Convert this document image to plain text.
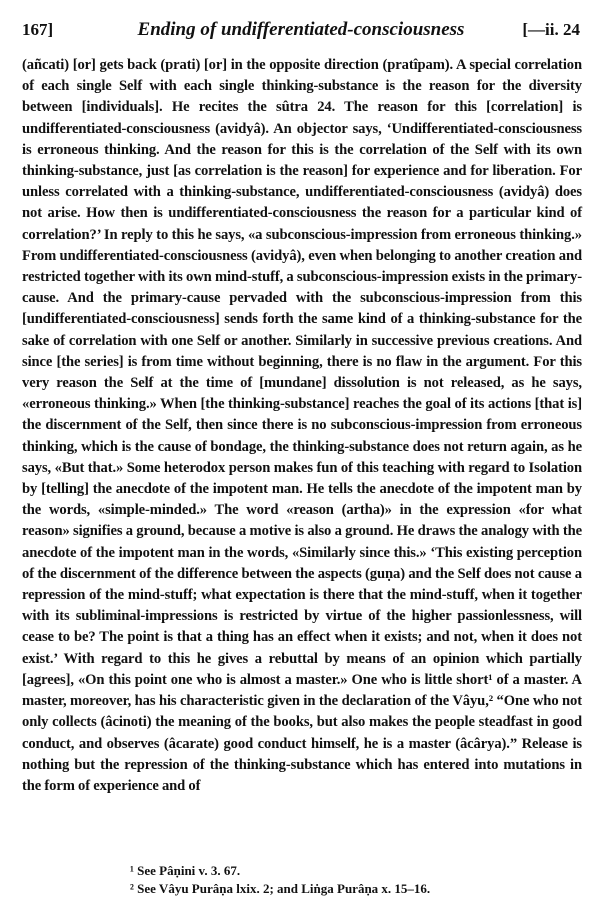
167]	Ending of undifferentiated-consciousness	[—ii. 24

(añcati) [or] gets back (prati) [or] in the opposite direction (pratîpam). A special correlation of each single Self with each single thinking-substance is the reason for the diversity between [individuals]. He recites the sûtra 24. The reason for this [correlation] is undifferentiated-consciousness (avidyâ). An objector says, ‘Undifferentiated-consciousness is erroneous thinking. And the reason for this is the correlation of the Self with its own thinking-substance, just [as correlation is the reason] for experience and for liberation. For unless correlated with a thinking-substance, undifferentiated-consciousness (avidyâ) does not arise. How then is undifferentiated-consciousness the reason for a particular kind of correlation?’ In reply to this he says, «a subconscious-impression from erroneous thinking.» From undifferentiated-consciousness (avidyâ), even when belonging to another creation and restricted together with its own mind-stuff, a subconscious-impression exists in the primary-cause. And the primary-cause pervaded with the subconscious-impression from this [undifferentiated-consciousness] sends forth the same kind of a thinking-substance for the sake of correlation with one Self or another. Similarly in successive previous creations. And since [the series] is from time without beginning, there is no flaw in the argument. For this very reason the Self at the time of [mundane] dissolution is not released, as he says, «erroneous thinking.» When [the thinking-substance] reaches the goal of its actions [that is] the discernment of the Self, then since there is no subconscious-impression from erroneous thinking, which is the cause of bondage, the thinking-substance does not return again, as he says, «But that.» Some heterodox person makes fun of this teaching with regard to Isolation by [telling] the anecdote of the impotent man. He tells the anecdote of the impotent man by the words, «simple-minded.» The word «reason (artha)» in the expression «for what reason» signifies a ground, because a motive is also a ground. He draws the analogy with the anecdote of the impotent man in the words, «Similarly since this.» ‘This existing perception of the discernment of the difference between the aspects (guṇa) and the Self does not cause a repression of the mind-stuff; what expectation is there that the mind-stuff, when it together with its subliminal-impressions is restricted by virtue of the higher passionlessness, will cease to be? The point is that a thing has an effect when it exists; and not, when it does not exist.’ With regard to this he gives a rebuttal by means of an opinion which partially [agrees], «On this point one who is almost a master.» One who is little short¹ of a master. A master, moreover, has his characteristic given in the declaration of the Vâyu,² “One who not only collects (âcinoti) the meaning of the books, but also makes the people steadfast in good conduct, and observes (âcarate) good conduct himself, he is a master (âcârya).” Release is nothing but the repression of the thinking-substance which has entered into mutations in the form of experience and of

¹ See Pâṇini v. 3. 67.
² See Vâyu Purâṇa lxix. 2; and Liṅga Purâṇa x. 15–16.
